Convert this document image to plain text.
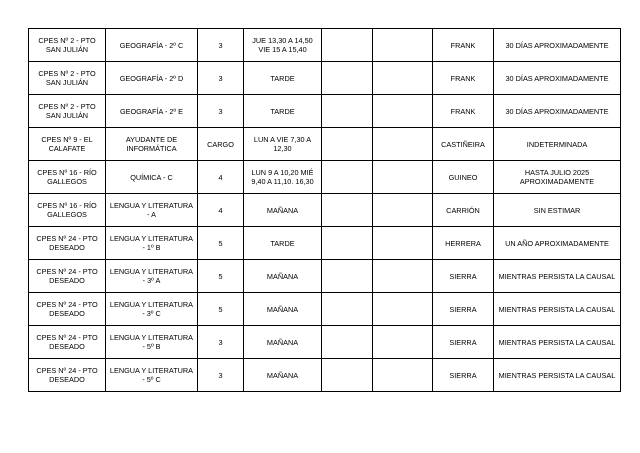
CPES Nº 2 - PTO SAN JULIÁN	GEOGRAFÍA - 2º C	3	JUE 13,30 A 14,50 VIE 15 A 15,40			FRANK	30 DÍAS APROXIMADAMENTE
CPES Nº 2 - PTO SAN JULIÁN	GEOGRAFÍA - 2º D	3	TARDE			FRANK	30 DÍAS APROXIMADAMENTE
CPES Nº 2 - PTO SAN JULIÁN	GEOGRAFÍA - 2º E	3	TARDE			FRANK	30 DÍAS APROXIMADAMENTE
CPES Nº 9 - EL CALAFATE	AYUDANTE DE INFORMÁTICA	CARGO	LUN A VIE 7,30 A 12,30			CASTIÑEIRA	INDETERMINADA
CPES Nº 16 - RÍO GALLEGOS	QUÍMICA - C	4	LUN 9 A 10,20 MIÉ 9,40 A 11,10. 16,30			GUINEO	HASTA JULIO 2025 APROXIMADAMENTE
CPES Nº 16 - RÍO GALLEGOS	LENGUA Y LITERATURA - A	4	MAÑANA			CARRIÓN	SIN ESTIMAR
CPES Nº 24 - PTO DESEADO	LENGUA Y LITERATURA - 1º B	5	TARDE			HERRERA	UN AÑO APROXIMADAMENTE
CPES Nº 24 - PTO DESEADO	LENGUA Y LITERATURA - 3º A	5	MAÑANA			SIERRA	MIENTRAS PERSISTA LA CAUSAL
CPES Nº 24 - PTO DESEADO	LENGUA Y LITERATURA - 3º C	5	MAÑANA			SIERRA	MIENTRAS PERSISTA LA CAUSAL
CPES Nº 24 - PTO DESEADO	LENGUA Y LITERATURA - 5º B	3	MAÑANA			SIERRA	MIENTRAS PERSISTA LA CAUSAL
CPES Nº 24 - PTO DESEADO	LENGUA Y LITERATURA - 5º C	3	MAÑANA			SIERRA	MIENTRAS PERSISTA LA CAUSAL
